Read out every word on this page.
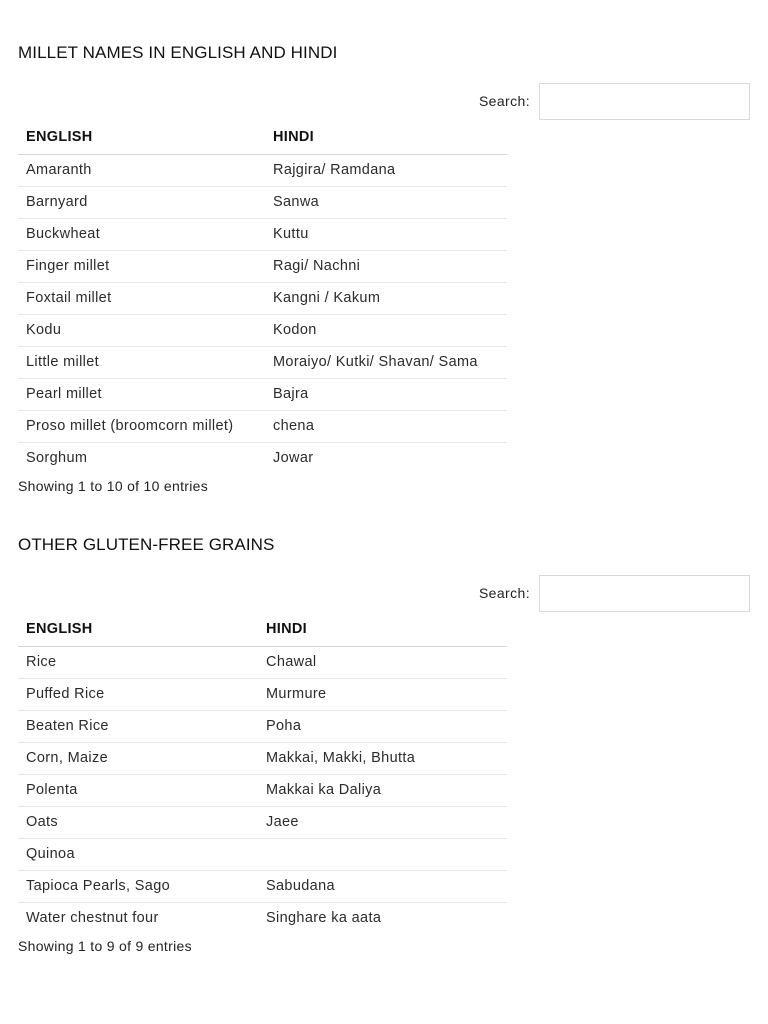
MILLET NAMES IN ENGLISH AND HINDI
Search:
ENGLISH	HINDI
Amaranth	Rajgira/ Ramdana
Barnyard	Sanwa
Buckwheat	Kuttu
Finger millet	Ragi/ Nachni
Foxtail millet	Kangni / Kakum
Kodu	Kodon
Little millet	Moraiyo/ Kutki/ Shavan/ Sama
Pearl millet	Bajra
Proso millet (broomcorn millet)	chena
Sorghum	Jowar
Showing 1 to 10 of 10 entries
OTHER GLUTEN-FREE GRAINS
Search:
ENGLISH	HINDI
Rice	Chawal
Puffed Rice	Murmure
Beaten Rice	Poha
Corn, Maize	Makkai, Makki, Bhutta
Polenta	Makkai ka Daliya
Oats	Jaee
Quinoa	
Tapioca Pearls, Sago	Sabudana
Water chestnut four	Singhare ka aata
Showing 1 to 9 of 9 entries
